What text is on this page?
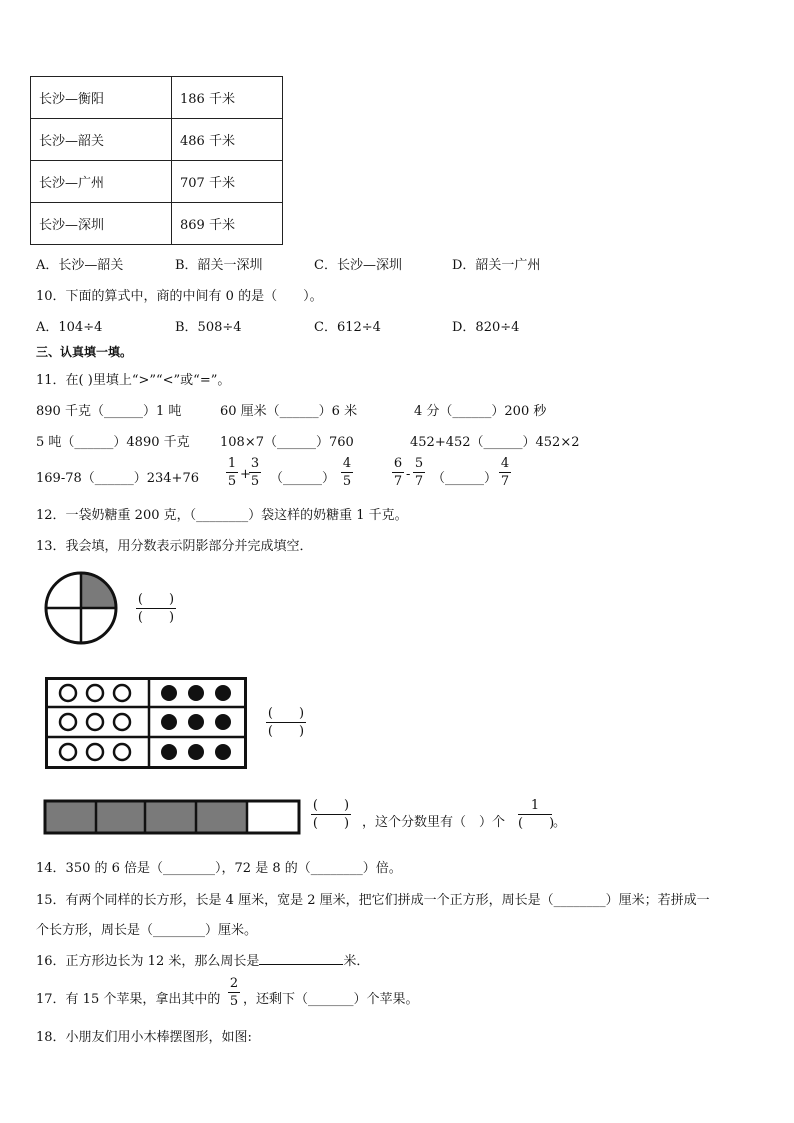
长沙—衡阳	186 千米
长沙—韶关	486 千米
长沙—广州	707 千米
长沙—深圳	869 千米
A．长沙—韶关	B．韶关一深圳	C．长沙—深圳	D．韶关一广州
10．下面的算式中，商的中间有 0 的是（　　）。
A．104÷4	B．508÷4	C．612÷4	D．820÷4
三、认真填一填。
11．在( )里填上“>”“<”或“=”。
890 千克（______）1 吨	60 厘米（______）6 米	4 分（______）200 秒
5 吨（______）4890 千克 108×7（______）760	452+452（______）452×2
169-78（______）234+76
1
5 +
3
5 （______）
4
5
6
7 -
5
7 （______）
4
7
12．一袋奶糖重 200 克，（________）袋这样的奶糖重 1 千克。
13．我会填，用分数表示阴影部分并完成填空．
(　　)
(　　)
(　　)
(　　)
(　　)
(　　) ，这个分数里有（　）个
1
(　　)
。
14．350 的 6 倍是（________），72 是 8 的（________）倍。
15．有两个同样的长方形，长是 4 厘米，宽是 2 厘米，把它们拼成一个正方形，周长是（________）厘米；若拼成一
个长方形，周长是（________）厘米。
16．正方形边长为 12 米，那么周长是	米．
17．有 15 个苹果，拿出其中的
2
5 ，还剩下（_______）个苹果。
18．小朋友们用小木棒摆图形，如图:
